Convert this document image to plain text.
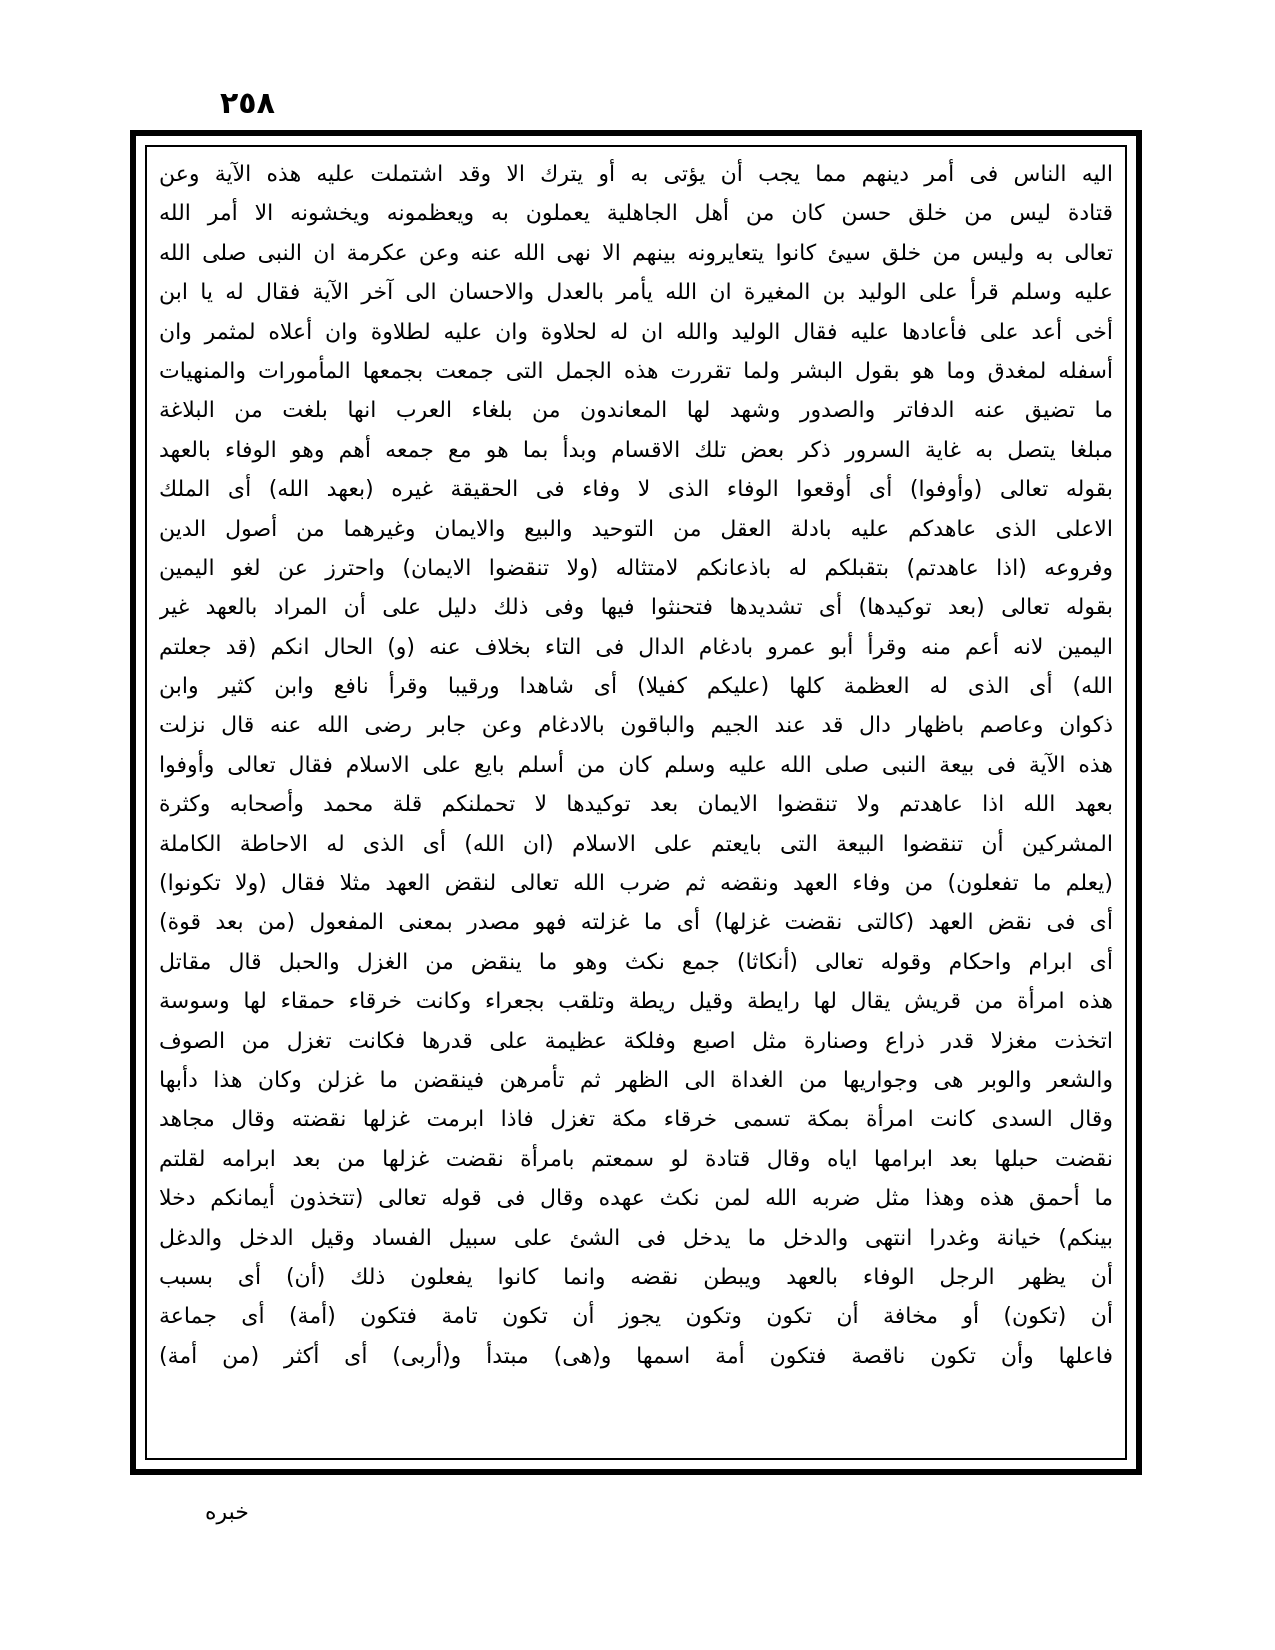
٢٥٨
اليه الناس فى أمر دينهم مما يجب أن يؤتى به أو يترك الا وقد اشتملت عليه هذه الآية وعن
قتادة ليس من خلق حسن كان من أهل الجاهلية يعملون به ويعظمونه ويخشونه الا أمر الله
تعالى به وليس من خلق سيئ كانوا يتعايرونه بينهم الا نهى الله عنه وعن عكرمة ان النبى صلى الله
عليه وسلم قرأ على الوليد بن المغيرة ان الله يأمر بالعدل والاحسان الى آخر الآية فقال له يا ابن
أخى أعد على فأعادها عليه فقال الوليد والله ان له لحلاوة وان عليه لطلاوة وان أعلاه لمثمر وان
أسفله لمغدق وما هو بقول البشر ولما تقررت هذه الجمل التى جمعت بجمعها المأمورات والمنهيات
ما تضيق عنه الدفاتر والصدور وشهد لها المعاندون من بلغاء العرب انها بلغت من البلاغة
مبلغا يتصل به غاية السرور ذكر بعض تلك الاقسام وبدأ بما هو مع جمعه أهم وهو الوفاء بالعهد
بقوله تعالى (وأوفوا) أى أوقعوا الوفاء الذى لا وفاء فى الحقيقة غيره (بعهد الله) أى الملك
الاعلى الذى عاهدكم عليه بادلة العقل من التوحيد والبيع والايمان وغيرهما من أصول الدين
وفروعه (اذا عاهدتم) بتقبلكم له باذعانكم لامتثاله (ولا تنقضوا الايمان) واحترز عن لغو اليمين
بقوله تعالى (بعد توكيدها) أى تشديدها فتحنثوا فيها وفى ذلك دليل على أن المراد بالعهد غير
اليمين لانه أعم منه وقرأ أبو عمرو بادغام الدال فى التاء بخلاف عنه (و) الحال انكم (قد جعلتم
الله) أى الذى له العظمة كلها (عليكم كفيلا) أى شاهدا ورقيبا وقرأ نافع وابن كثير وابن
ذكوان وعاصم باظهار دال قد عند الجيم والباقون بالادغام وعن جابر رضى الله عنه قال نزلت
هذه الآية فى بيعة النبى صلى الله عليه وسلم كان من أسلم بايع على الاسلام فقال تعالى وأوفوا
بعهد الله اذا عاهدتم ولا تنقضوا الايمان بعد توكيدها لا تحملنكم قلة محمد وأصحابه وكثرة
المشركين أن تنقضوا البيعة التى بايعتم على الاسلام (ان الله) أى الذى له الاحاطة الكاملة
(يعلم ما تفعلون) من وفاء العهد ونقضه ثم ضرب الله تعالى لنقض العهد مثلا فقال (ولا تكونوا)
أى فى نقض العهد (كالتى نقضت غزلها) أى ما غزلته فهو مصدر بمعنى المفعول (من بعد قوة)
أى ابرام واحكام وقوله تعالى (أنكاثا) جمع نكث وهو ما ينقض من الغزل والحبل قال مقاتل
هذه امرأة من قريش يقال لها رايطة وقيل ريطة وتلقب بجعراء وكانت خرقاء حمقاء لها وسوسة
اتخذت مغزلا قدر ذراع وصنارة مثل اصبع وفلكة عظيمة على قدرها فكانت تغزل من الصوف
والشعر والوبر هى وجواريها من الغداة الى الظهر ثم تأمرهن فينقضن ما غزلن وكان هذا دأبها
وقال السدى كانت امرأة بمكة تسمى خرقاء مكة تغزل فاذا ابرمت غزلها نقضته وقال مجاهد
نقضت حبلها بعد ابرامها اياه وقال قتادة لو سمعتم بامرأة نقضت غزلها من بعد ابرامه لقلتم
ما أحمق هذه وهذا مثل ضربه الله لمن نكث عهده وقال فى قوله تعالى (تتخذون أيمانكم دخلا
بينكم) خيانة وغدرا انتهى والدخل ما يدخل فى الشئ على سبيل الفساد وقيل الدخل والدغل
أن يظهر الرجل الوفاء بالعهد ويبطن نقضه وانما كانوا يفعلون ذلك (أن) أى بسبب
أن (تكون) أو مخافة أن تكون وتكون يجوز أن تكون تامة فتكون (أمة) أى جماعة
فاعلها وأن تكون ناقصة فتكون أمة اسمها و(هى) مبتدأ و(أربى) أى أكثر (من أمة)
خبره
